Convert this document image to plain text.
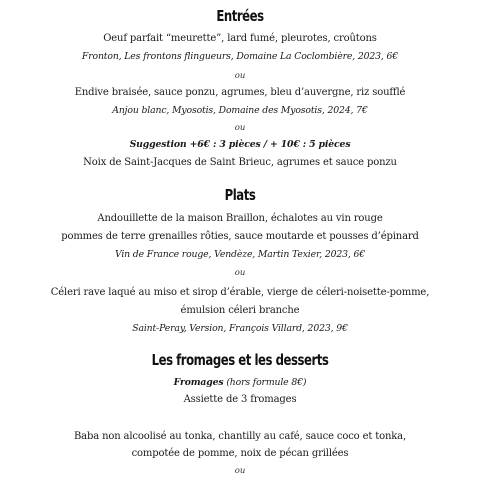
Entrées
Oeuf parfait “meurette”, lard fumé, pleurotes, croûtons
Fronton, Les frontons flingueurs, Domaine La Coclombière, 2023, 6€
ou
Endive braisée, sauce ponzu, agrumes, bleu d’auvergne, riz soufflé
Anjou blanc, Myosotis, Domaine des Myosotis, 2024, 7€
ou
Suggestion +6€ : 3 pièces / + 10€ : 5 pièces
Noix de Saint-Jacques de Saint Brieuc, agrumes et sauce ponzu
Plats
Andouillette de la maison Braillon, échalotes au vin rouge
pommes de terre grenailles rôties, sauce moutarde et pousses d’épinard
Vin de France rouge, Vendèze, Martin Texier, 2023, 6€
ou
Céleri rave laqué au miso et sirop d’érable, vierge de céleri-noisette-pomme,
émulsion céleri branche
Saint-Peray, Version, François Villard, 2023, 9€
Les fromages et les desserts
Fromages (hors formule 8€)
Assiette de 3 fromages
Baba non alcoolisé au tonka, chantilly au café, sauce coco et tonka,
compotée de pomme, noix de pécan grillées
ou
